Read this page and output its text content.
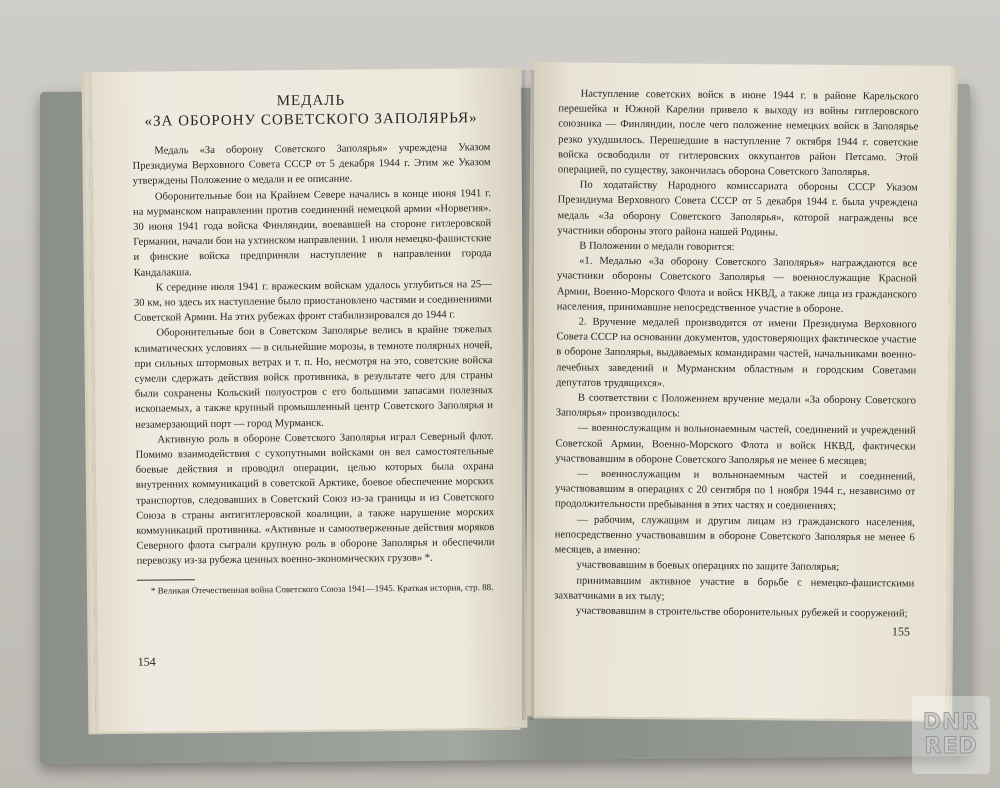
МЕДАЛЬ
«ЗА ОБОРОНУ СОВЕТСКОГО ЗАПОЛЯРЬЯ»

Медаль «За оборону Советского Заполярья» учреждена Указом Президиума Верховного Совета СССР от 5 декабря 1944 г. Этим же Указом утверждены Положение о медали и ее описание.

Оборонительные бои на Крайнем Севере начались в конце июня 1941 г. на мурманском направлении против соединений немецкой армии «Норвегия». 30 июня 1941 года войска Финляндии, воевавшей на стороне гитлеровской Германии, начали бои на ухтинском направлении. 1 июля немецко-фашистские и финские войска предприняли наступление в направлении города Кандалакша.

К середине июля 1941 г. вражеским войскам удалось углубиться на 25—30 км, но здесь их наступление было приостановлено частями и соединениями Советской Армии. На этих рубежах фронт стабилизировался до 1944 г.

Оборонительные бои в Советском Заполярье велись в крайне тяжелых климатических условиях — в сильнейшие морозы, в темноте полярных ночей, при сильных штормовых ветрах и т. п. Но, несмотря на это, советские войска сумели сдержать действия войск противника, в результате чего для страны были сохранены Кольский полуостров с его большими запасами полезных ископаемых, а также крупный промышленный центр Советского Заполярья и незамерзающий порт — город Мурманск.

Активную роль в обороне Советского Заполярья играл Северный флот. Помимо взаимодействия с сухопутными войсками он вел самостоятельные боевые действия и проводил операции, целью которых была охрана внутренних коммуникаций в советской Арктике, боевое обеспечение морских транспортов, следовавших в Советский Союз из-за границы и из Советского Союза в страны антигитлеровской коалиции, а также нарушение морских коммуникаций противника. «Активные и самоотверженные действия моряков Северного флота сыграли крупную роль в обороне Заполярья и обеспечили перевозку из-за рубежа ценных военно-экономических грузов» *.

* Великая Отечественная война Советского Союза 1941—1945. Краткая история, стр. 88.

154

Наступление советских войск в июне 1944 г. в районе Карельского перешейка и Южной Карелии привело к выходу из войны гитлеровского союзника — Финляндии, после чего положение немецких войск в Заполярье резко ухудшилось. Перешедшие в наступление 7 октября 1944 г. советские войска освободили от гитлеровских оккупантов район Петсамо. Этой операцией, по существу, закончилась оборона Советского Заполярья.

По ходатайству Народного комиссариата обороны СССР Указом Президиума Верховного Совета СССР от 5 декабря 1944 г. была учреждена медаль «За оборону Советского Заполярья», которой награждены все участники обороны этого района нашей Родины.

В Положении о медали говорится:

«1. Медалью «За оборону Советского Заполярья» награждаются все участники обороны Советского Заполярья — военнослужащие Красной Армии, Военно-Морского Флота и войск НКВД, а также лица из гражданского населения, принимавшие непосредственное участие в обороне.

2. Вручение медалей производится от имени Президиума Верховного Совета СССР на основании документов, удостоверяющих фактическое участие в обороне Заполярья, выдаваемых командирами частей, начальниками военно-лечебных заведений и Мурманским областным и городским Советами депутатов трудящихся».

В соответствии с Положением вручение медали «За оборону Советского Заполярья» производилось:

— военнослужащим и вольнонаемным частей, соединений и учреждений Советской Армии, Военно-Морского Флота и войск НКВД, фактически участвовавшим в обороне Советского Заполярья не менее 6 месяцев;

— военнослужащим и вольнонаемным частей и соединений, участвовавшим в операциях с 20 сентября по 1 ноября 1944 г., независимо от продолжительности пребывания в этих частях и соединениях;

— рабочим, служащим и другим лицам из гражданского населения, непосредственно участвовавшим в обороне Советского Заполярья не менее 6 месяцев, а именно:

участвовавшим в боевых операциях по защите Заполярья;

принимавшим активное участие в борьбе с немецко-фашистскими захватчиками в их тылу;

участвовавшим в строительстве оборонительных рубежей и сооружений;

155
DNR
RED
